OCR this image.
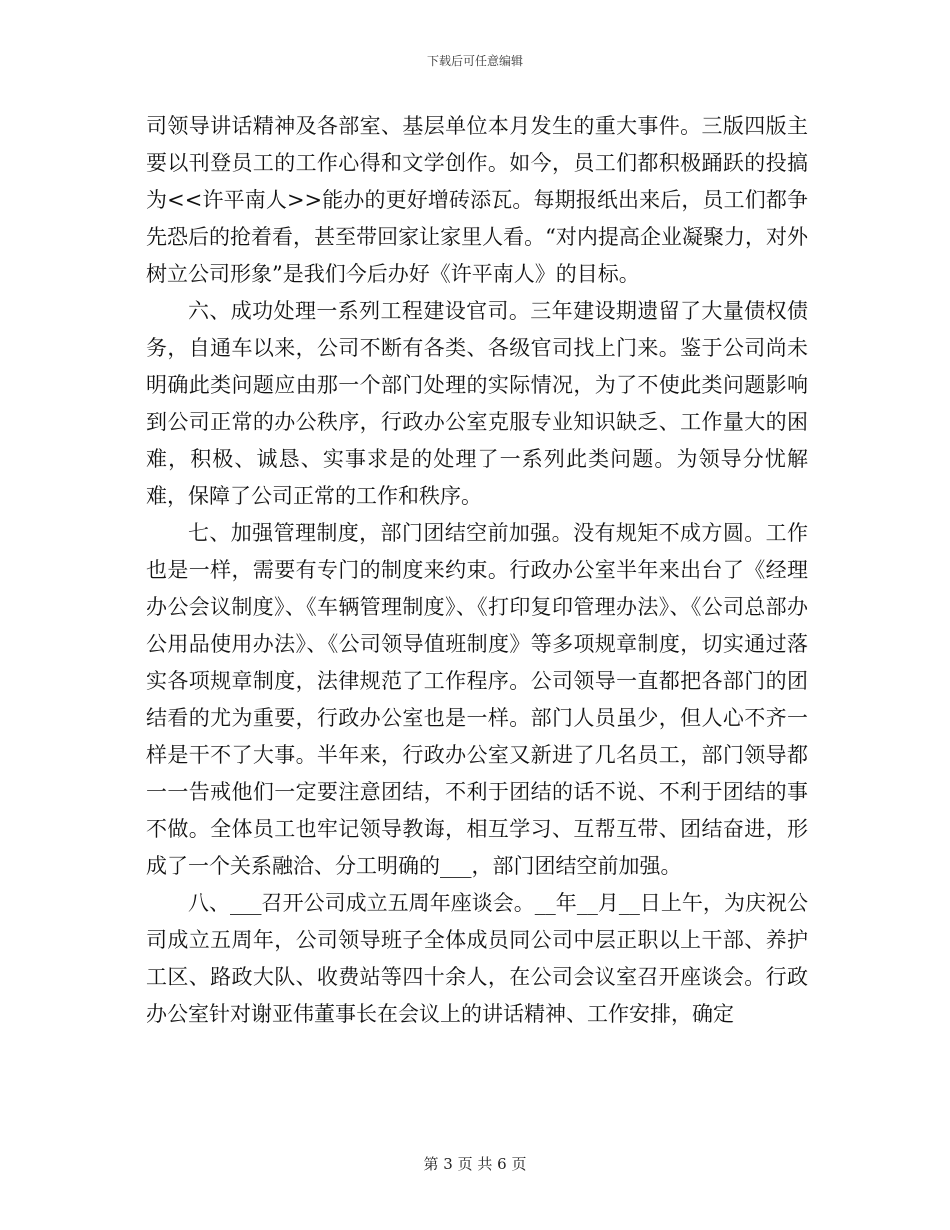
下载后可任意编辑

司领导讲话精神及各部室、基层单位本月发生的重大事件。三版四版主要以刊登员工的工作心得和文学创作。如今，员工们都积极踊跃的投搞为<<许平南人>>能办的更好增砖添瓦。每期报纸出来后，员工们都争先恐后的抢着看，甚至带回家让家里人看。“对内提高企业凝聚力，对外树立公司形象”是我们今后办好《许平南人》的目标。

六、成功处理一系列工程建设官司。三年建设期遗留了大量债权债务，自通车以来，公司不断有各类、各级官司找上门来。鉴于公司尚未明确此类问题应由那一个部门处理的实际情况，为了不使此类问题影响到公司正常的办公秩序，行政办公室克服专业知识缺乏、工作量大的困难，积极、诚恳、实事求是的处理了一系列此类问题。为领导分忧解难，保障了公司正常的工作和秩序。

七、加强管理制度，部门团结空前加强。没有规矩不成方圆。工作也是一样，需要有专门的制度来约束。行政办公室半年来出台了《经理办公会议制度》、《车辆管理制度》、《打印复印管理办法》、《公司总部办公用品使用办法》、《公司领导值班制度》等多项规章制度，切实通过落实各项规章制度，法律规范了工作程序。公司领导一直都把各部门的团结看的尤为重要，行政办公室也是一样。部门人员虽少，但人心不齐一样是干不了大事。半年来，行政办公室又新进了几名员工，部门领导都一一告戒他们一定要注意团结，不利于团结的话不说、不利于团结的事不做。全体员工也牢记领导教诲，相互学习、互帮互带、团结奋进，形成了一个关系融洽、分工明确的___，部门团结空前加强。

八、___召开公司成立五周年座谈会。__年__月__日上午，为庆祝公司成立五周年，公司领导班子全体成员同公司中层正职以上干部、养护工区、路政大队、收费站等四十余人，在公司会议室召开座谈会。行政办公室针对谢亚伟董事长在会议上的讲话精神、工作安排，确定

第 3 页 共 6 页
